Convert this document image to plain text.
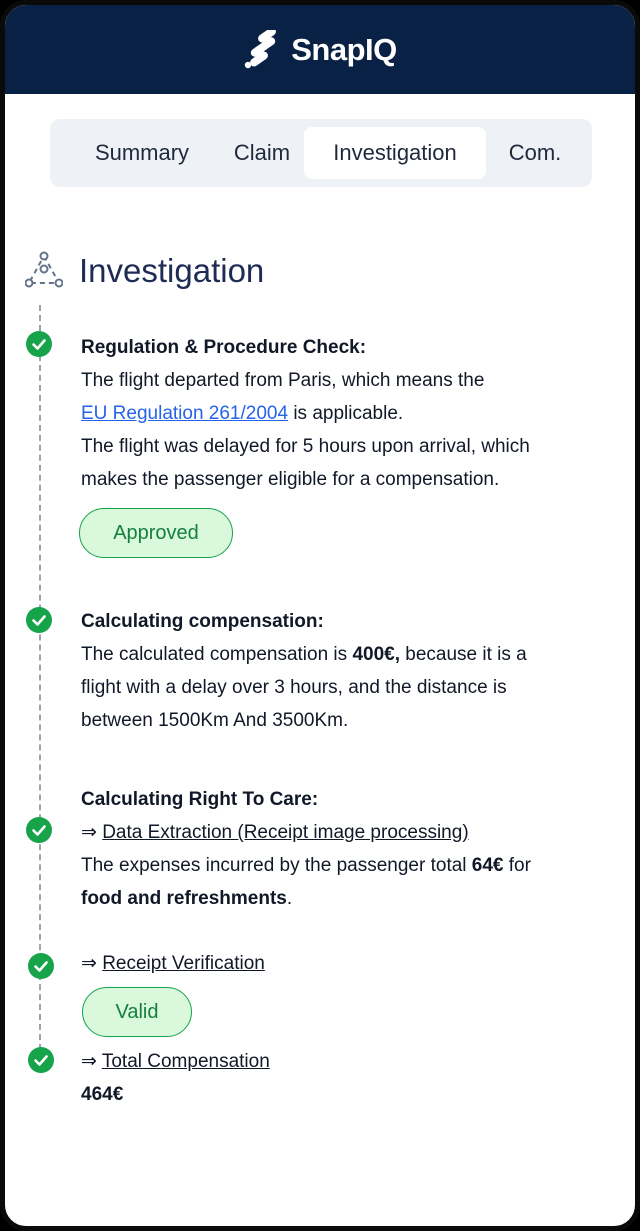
SnapIQ
Summary	Claim	Investigation	Com.
Investigation
Regulation & Procedure Check:
The flight departed from Paris, which means the
EU Regulation 261/2004 is applicable.
The flight was delayed for 5 hours upon arrival, which
makes the passenger eligible for a compensation.
Approved
Calculating compensation:
The calculated compensation is 400€, because it is a
flight with a delay over 3 hours, and the distance is
between 1500Km And 3500Km.
Calculating Right To Care:
⇒ Data Extraction (Receipt image processing)
The expenses incurred by the passenger total 64€ for
food and refreshments.
⇒ Receipt Verification
Valid
⇒ Total Compensation
464€
